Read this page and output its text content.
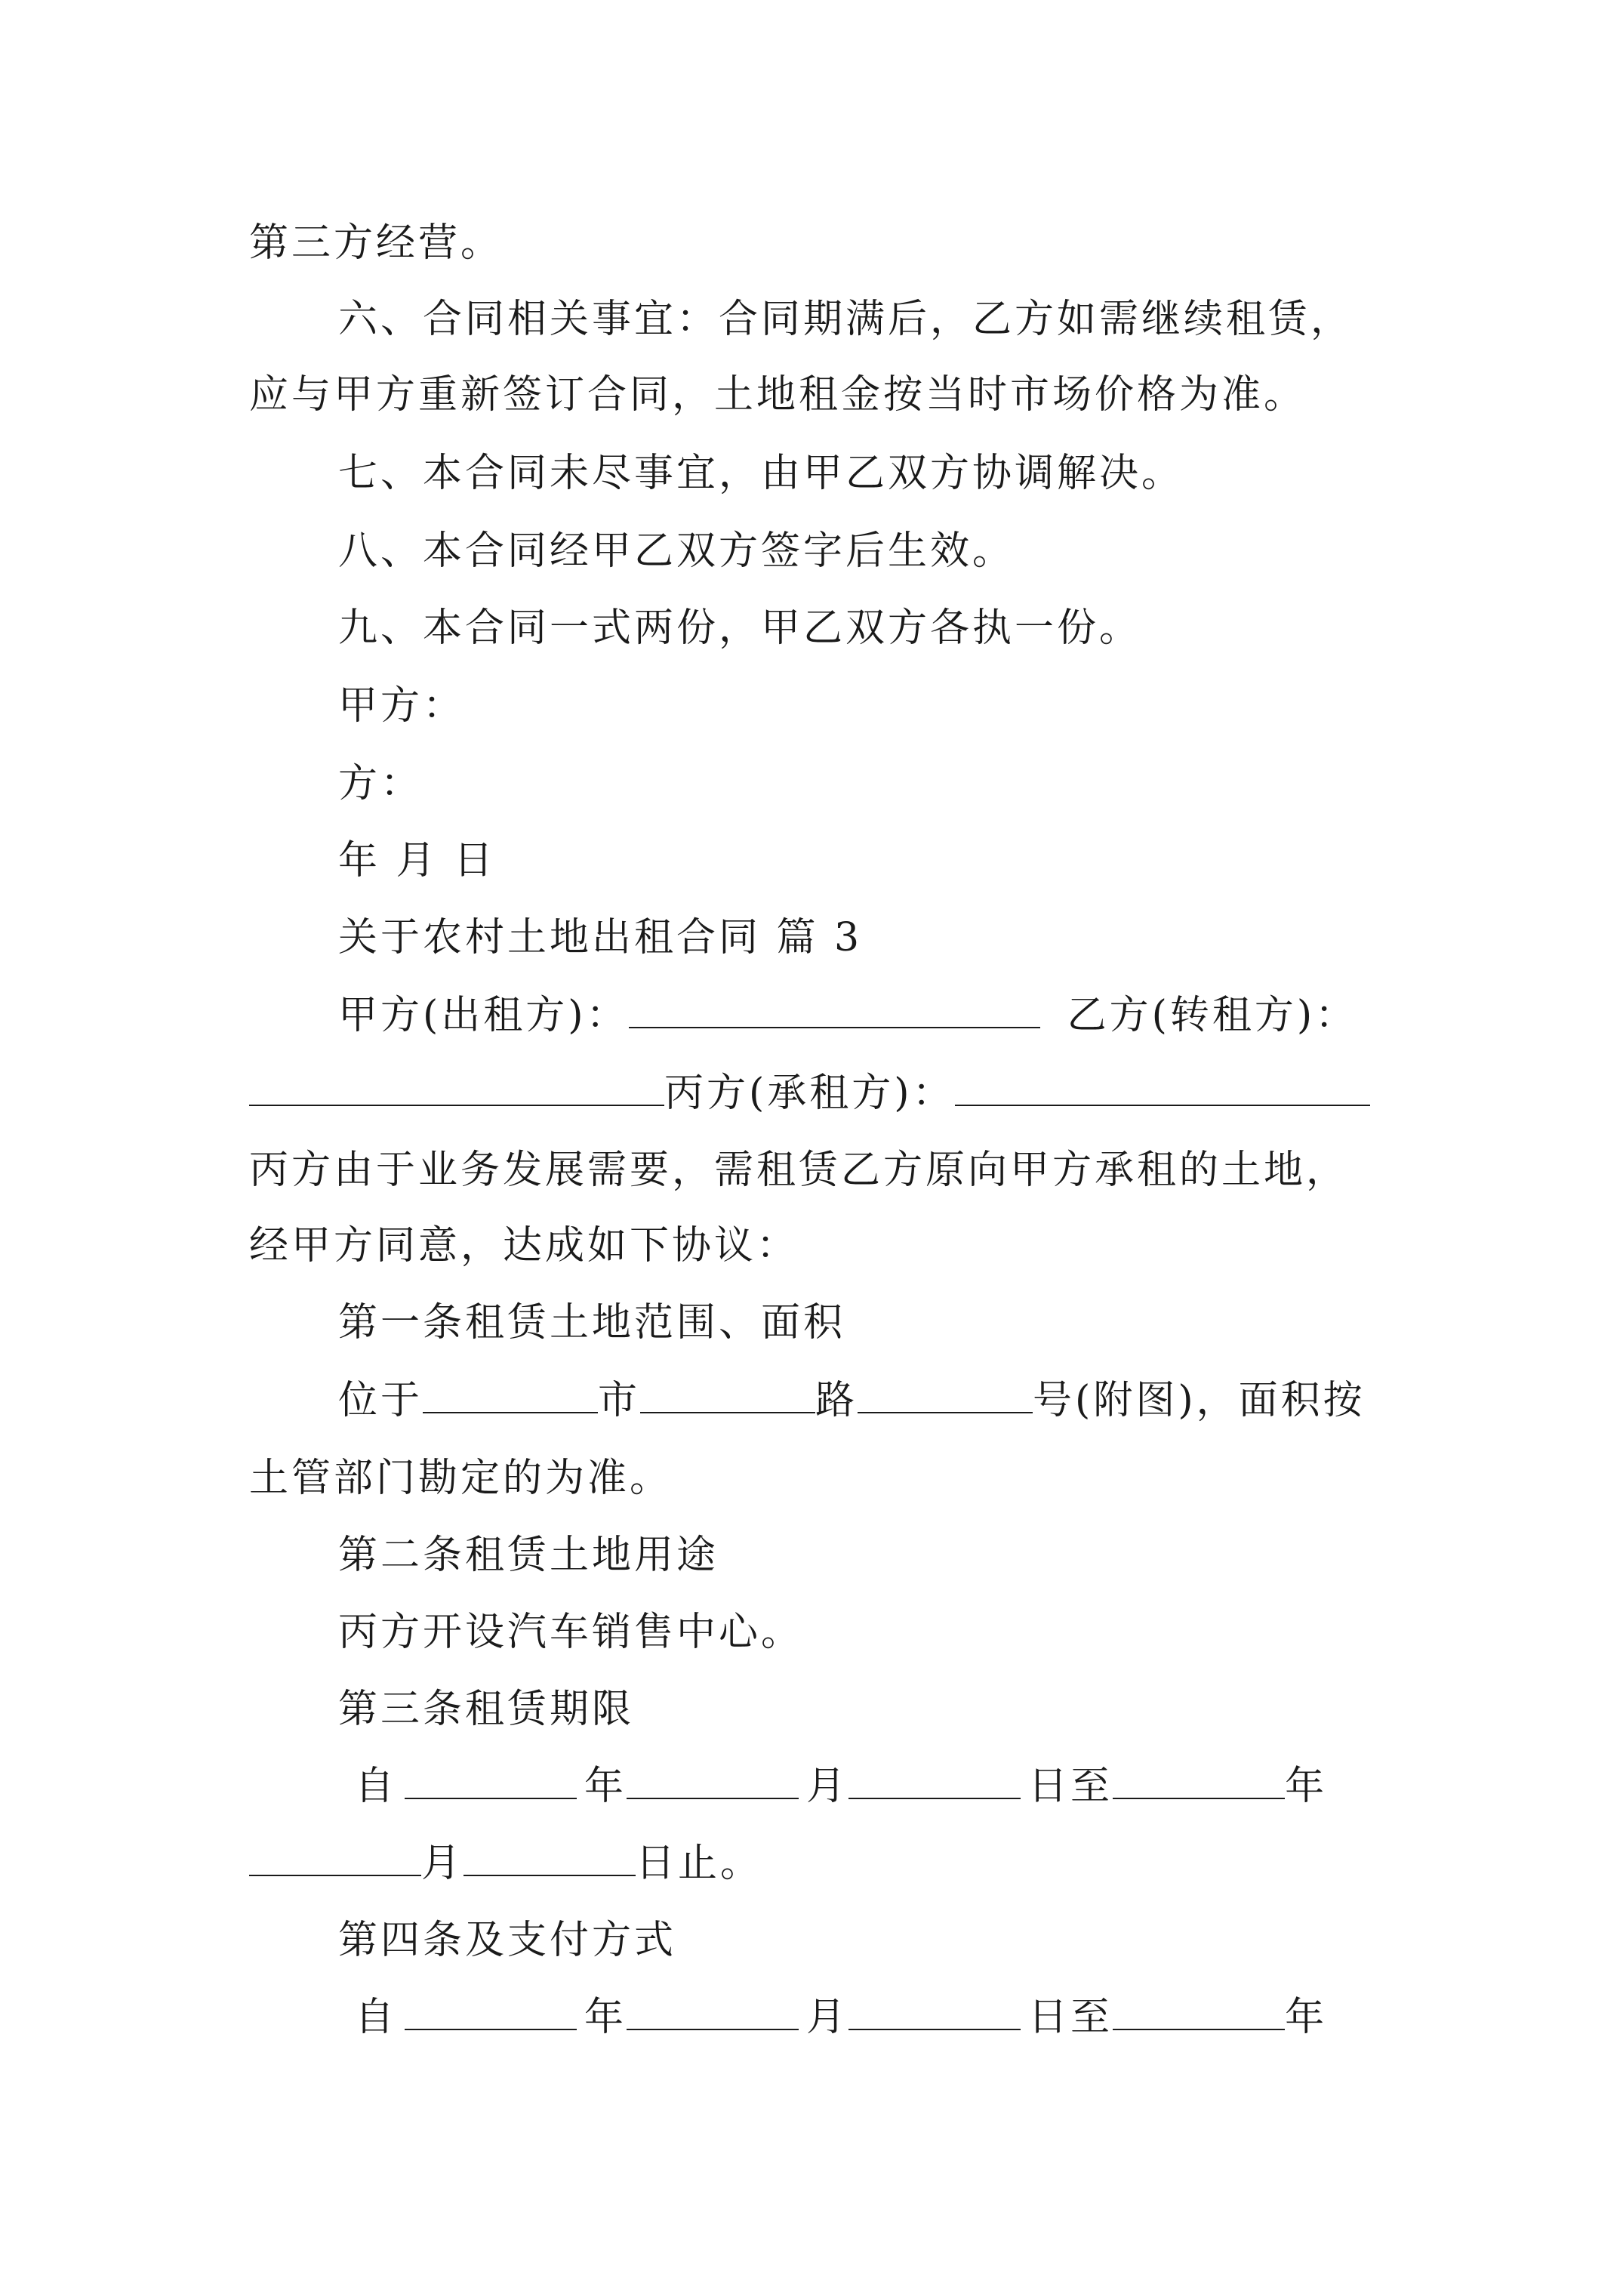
第三方经营。
六、合同相关事宜：合同期满后，乙方如需继续租赁，
应与甲方重新签订合同，土地租金按当时市场价格为准。
七、本合同未尽事宜，由甲乙双方协调解决。
八、本合同经甲乙双方签字后生效。
九、本合同一式两份，甲乙双方各执一份。
甲方：
方：
年 月 日
关于农村土地出租合同 篇 3
甲方(出租方)：	乙方(转租方)：
丙方(承租方)：
丙方由于业务发展需要，需租赁乙方原向甲方承租的土地，
经甲方同意，达成如下协议：
第一条租赁土地范围、面积
位于	市	路	号(附图)，面积按
土管部门勘定的为准。
第二条租赁土地用途
丙方开设汽车销售中心。
第三条租赁期限
自	年	月	日至	年
月	日止。
第四条及支付方式
自	年	月	日至	年
